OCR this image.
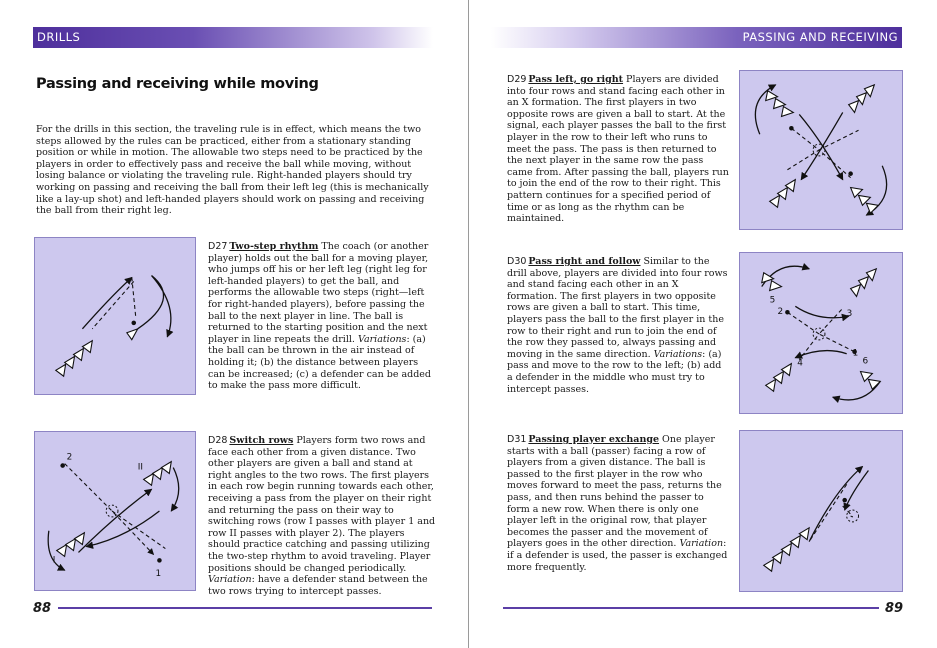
DRILLS
Passing and receiving while moving

For the drills in this section, the traveling rule is in effect, which means the two steps allowed by the rules can be practiced, either from a stationary standing position or while in motion. The allowable two steps need to be practiced by the players in order to effectively pass and receive the ball while moving, without losing balance or violating the traveling rule. Right-handed players should try working on passing and receiving the ball from their left leg (this is mechanically like a lay-up shot) and left-handed players should work on passing and receiving the ball from their right leg.

D27 Two-step rhythm The coach (or another player) holds out the ball for a moving player, who jumps off his or her left leg (right leg for left-handed players) to get the ball, and performs the allowable two steps (right—left for right-handed players), before passing the ball to the next player in line. The ball is returned to the starting position and the next player in line repeats the drill. Variations: (a) the ball can be thrown in the air instead of holding it; (b) the distance between players can be increased; (c) a defender can be added to make the pass more difficult.

2
II
I
1

D28 Switch rows Players form two rows and face each other from a given distance. Two other players are given a ball and stand at right angles to the two rows. The first players in each row begin running towards each other, receiving a pass from the player on their right and returning the pass on their way to switching rows (row I passes with player 1 and row II passes with player 2). The players should practice catching and passing utilizing the two-step rhythm to avoid traveling. Player positions should be changed periodically. Variation: have a defender stand between the two rows trying to intercept passes.

88
PASSING AND RECEIVING

D29 Pass left, go right Players are divided into four rows and stand facing each other in an X formation. The first players in two opposite rows are given a ball to start. At the signal, each player passes the ball to the first player in the row to their left who runs to meet the pass. The pass is then returned to the next player in the same row the pass came from. After passing the ball, players run to join the end of the row to their right. This pattern continues for a specified period of time or as long as the rhythm can be maintained.

D30 Pass right and follow Similar to the drill above, players are divided into four rows and stand facing each other in an X formation. The first players in two opposite rows are given a ball to start. This time, players pass the ball to the first player in the row to their right and run to join the end of the row they passed to, always passing and moving in the same direction. Variations: (a) pass and move to the row to the left; (b) add a defender in the middle who must try to intercept passes.

5
2	3
1
4	6

D31 Passing player exchange One player starts with a ball (passer) facing a row of players from a given distance. The ball is passed to the first player in the row who moves forward to meet the pass, returns the pass, and then runs behind the passer to form a new row. When there is only one player left in the original row, that player becomes the passer and the movement of players goes in the other direction. Variation: if a defender is used, the passer is exchanged more frequently.

89
